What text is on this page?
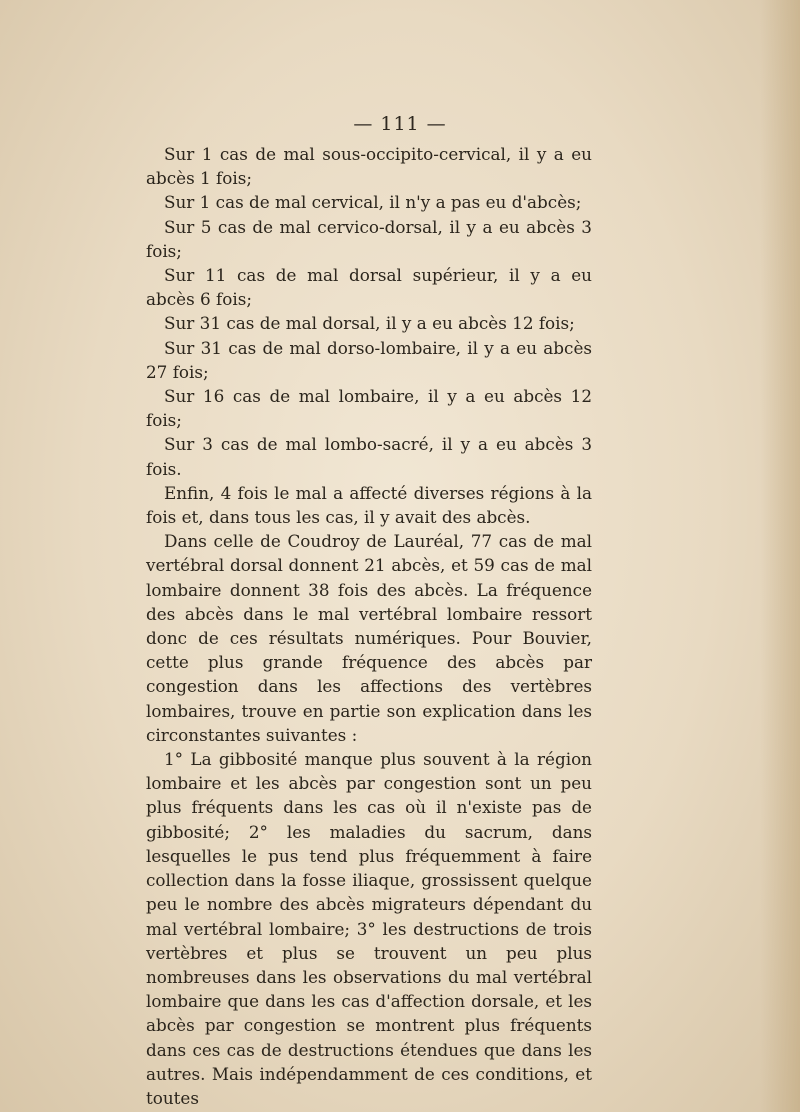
— 111 —

Sur 1 cas de mal sous-occipito-cervical, il y a eu abcès 1 fois;

Sur 1 cas de mal cervical, il n'y a pas eu d'abcès;

Sur 5 cas de mal cervico-dorsal, il y a eu abcès 3 fois;

Sur 11 cas de mal dorsal supérieur, il y a eu abcès 6 fois;

Sur 31 cas de mal dorsal, il y a eu abcès 12 fois;

Sur 31 cas de mal dorso-lombaire, il y a eu abcès 27 fois;

Sur 16 cas de mal lombaire, il y a eu abcès 12 fois;

Sur 3 cas de mal lombo-sacré, il y a eu abcès 3 fois.

Enfin, 4 fois le mal a affecté diverses régions à la fois et, dans tous les cas, il y avait des abcès.

Dans celle de Coudroy de Lauréal, 77 cas de mal vertébral dorsal donnent 21 abcès, et 59 cas de mal lombaire donnent 38 fois des abcès. La fréquence des abcès dans le mal vertébral lombaire ressort donc de ces résultats numériques. Pour Bouvier, cette plus grande fréquence des abcès par congestion dans les affections des vertèbres lombaires, trouve en partie son explication dans les circonstantes suivantes :

1° La gibbosité manque plus souvent à la région lombaire et les abcès par congestion sont un peu plus fréquents dans les cas où il n'existe pas de gibbosité; 2° les maladies du sacrum, dans lesquelles le pus tend plus fréquemment à faire collection dans la fosse iliaque, grossissent quelque peu le nombre des abcès migrateurs dépendant du mal vertébral lombaire; 3° les destructions de trois vertèbres et plus se trouvent un peu plus nombreuses dans les observations du mal vertébral lombaire que dans les cas d'affection dorsale, et les abcès par congestion se montrent plus fréquents dans ces cas de destructions étendues que dans les autres. Mais indépendamment de ces conditions, et toutes
